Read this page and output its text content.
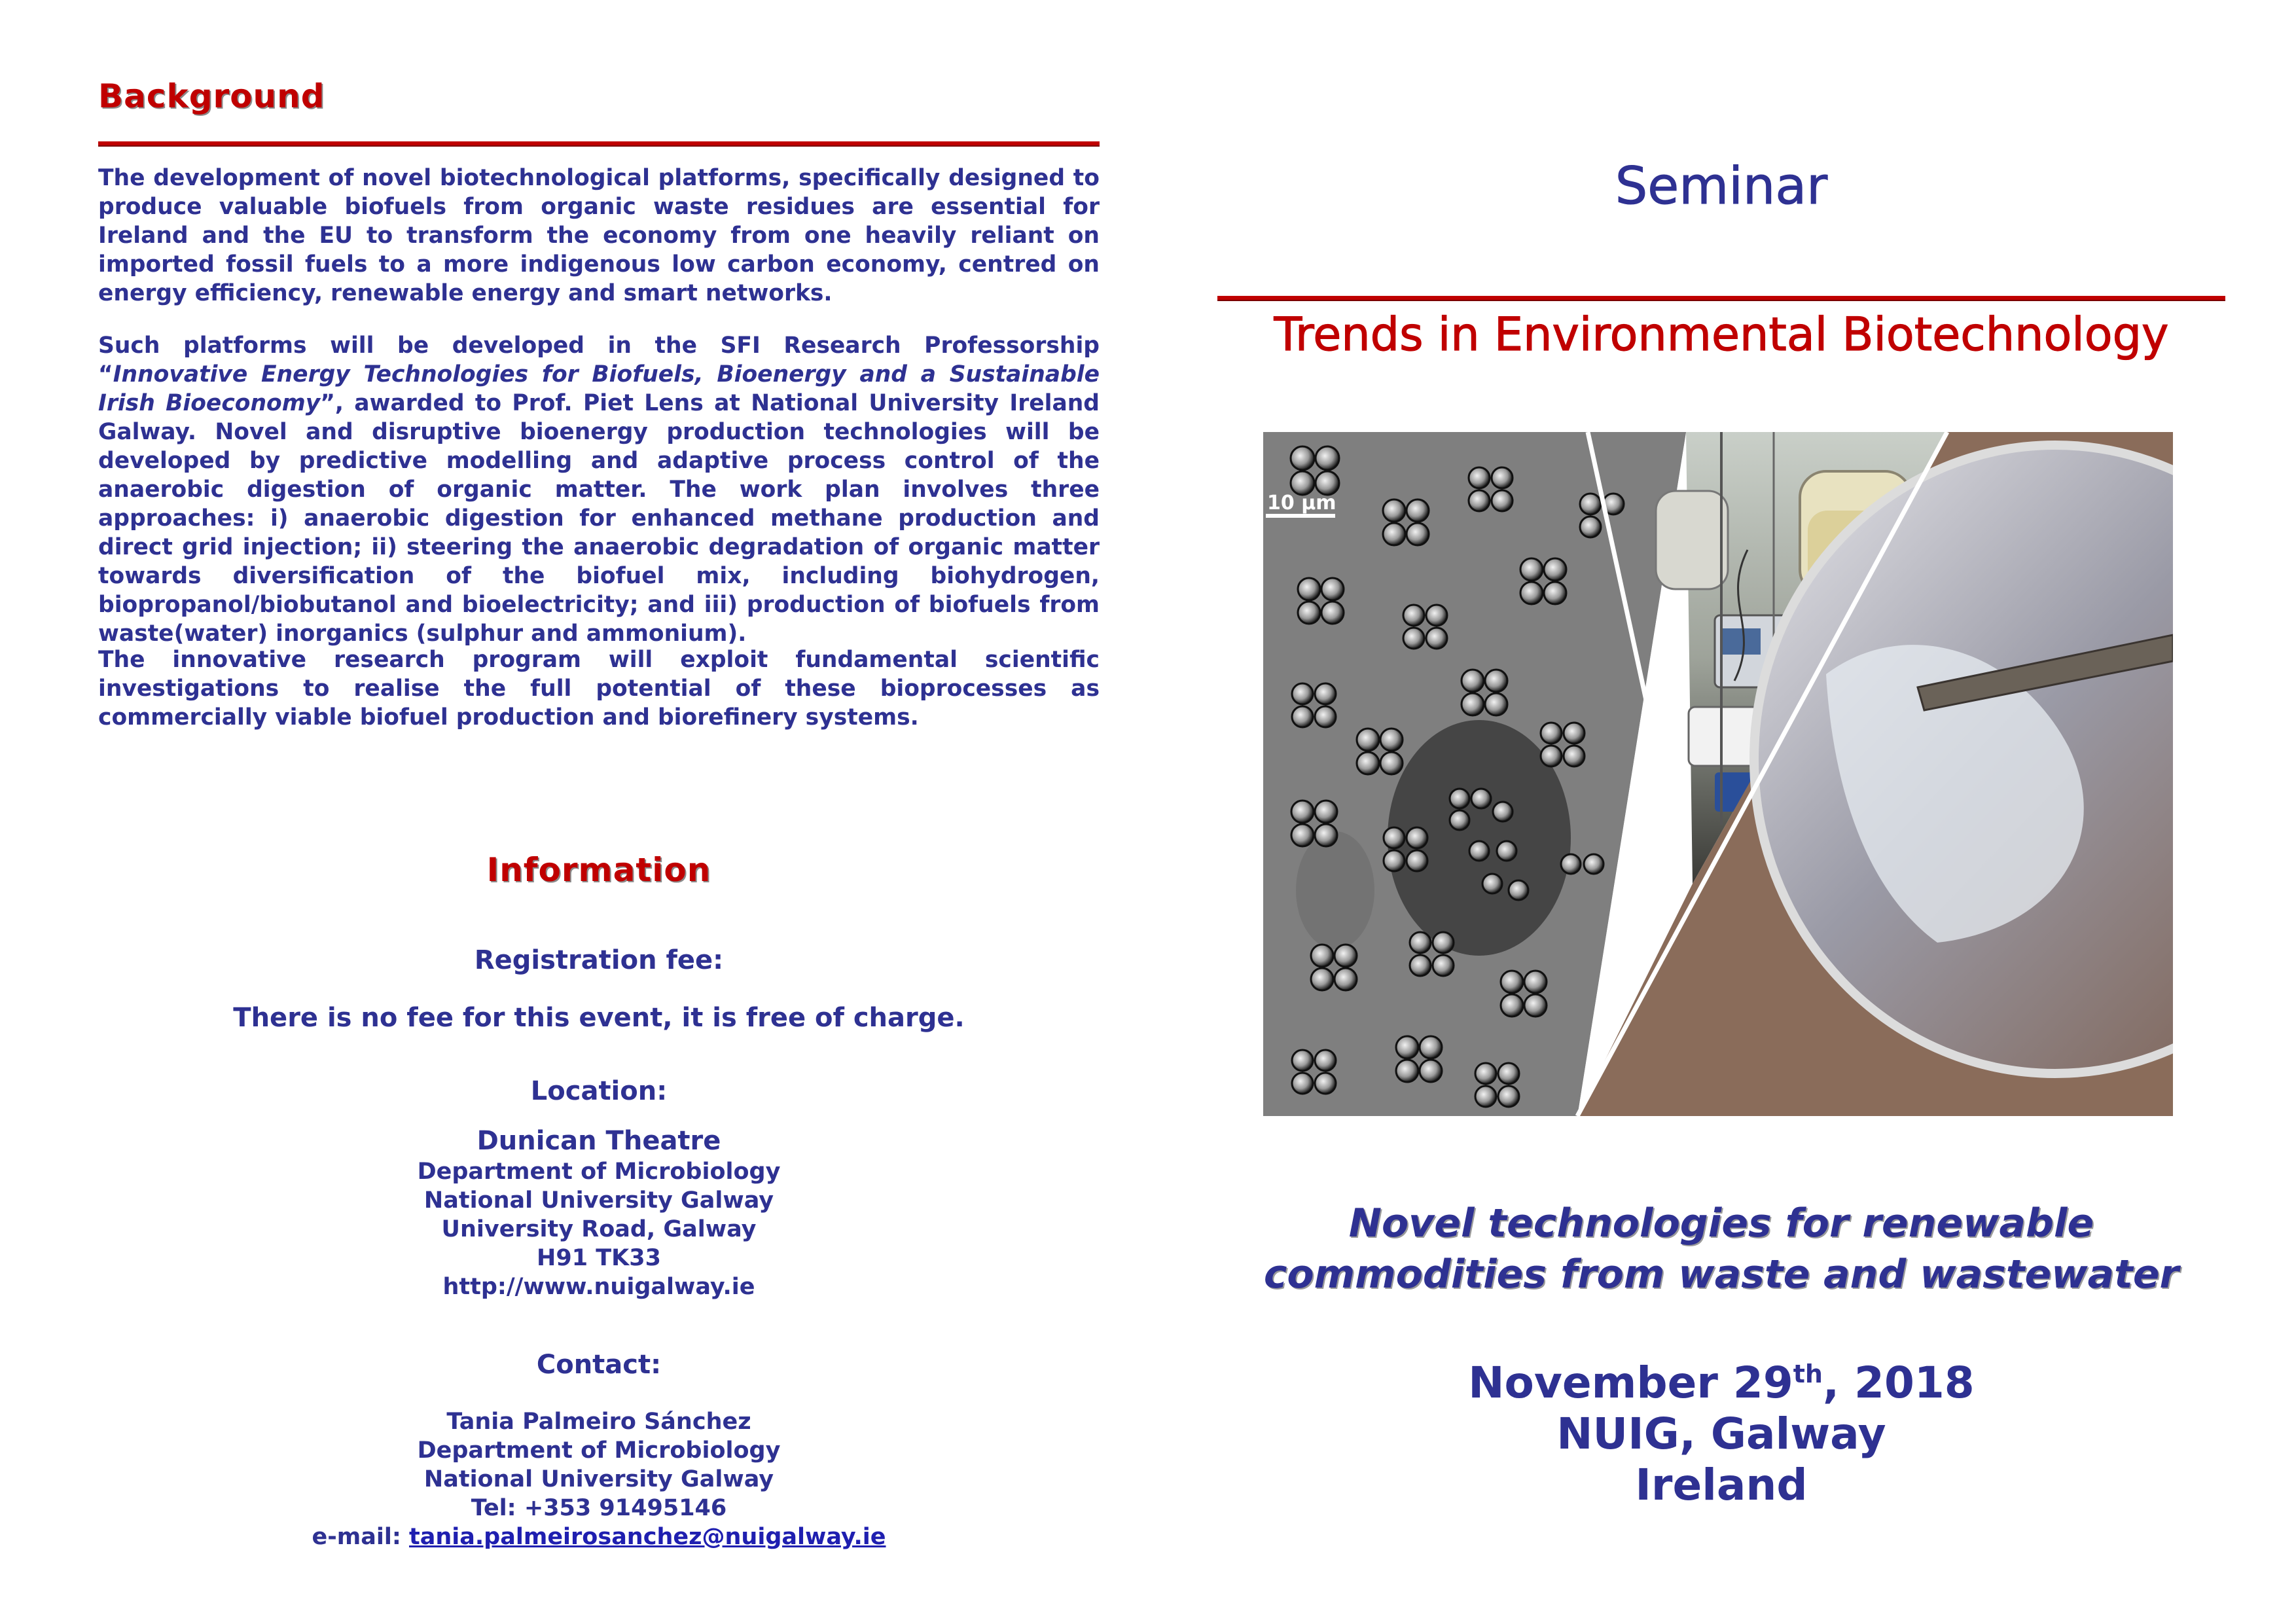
Background

The development of novel biotechnological platforms, specifically designed to produce valuable biofuels from organic waste residues are essential for Ireland and the EU to transform the economy from one heavily reliant on imported fossil fuels to a more indigenous low carbon economy, centred on energy efficiency, renewable energy and smart networks.

Such platforms will be developed in the SFI Research Professorship “Innovative Energy Technologies for Biofuels, Bioenergy and a Sustainable Irish Bioeconomy”, awarded to Prof. Piet Lens at National University Ireland Galway. Novel and disruptive bioenergy production technologies will be developed by predictive modelling and adaptive process control of the anaerobic digestion of organic matter. The work plan involves three approaches: i) anaerobic digestion for enhanced methane production and direct grid injection; ii) steering the anaerobic degradation of organic matter towards diversification of the biofuel mix, including biohydrogen, biopropanol/biobutanol and bioelectricity; and iii) production of biofuels from waste(water) inorganics (sulphur and ammonium).

The innovative research program will exploit fundamental scientific investigations to realise the full potential of these bioprocesses as commercially viable biofuel production and biorefinery systems.

Information
Registration fee:
There is no fee for this event, it is free of charge.
Location:
Dunican Theatre
Department of Microbiology
National University Galway
University Road, Galway
H91 TK33
http://www.nuigalway.ie
Contact:
Tania Palmeiro Sánchez
Department of Microbiology
National University Galway
Tel: +353 91495146
e-mail: tania.palmeirosanchez@nuigalway.ie
Seminar
Trends in Environmental Biotechnology
10 µm
Novel technologies for renewable
commodities from waste and wastewater
November 29th, 2018
NUIG, Galway
Ireland
